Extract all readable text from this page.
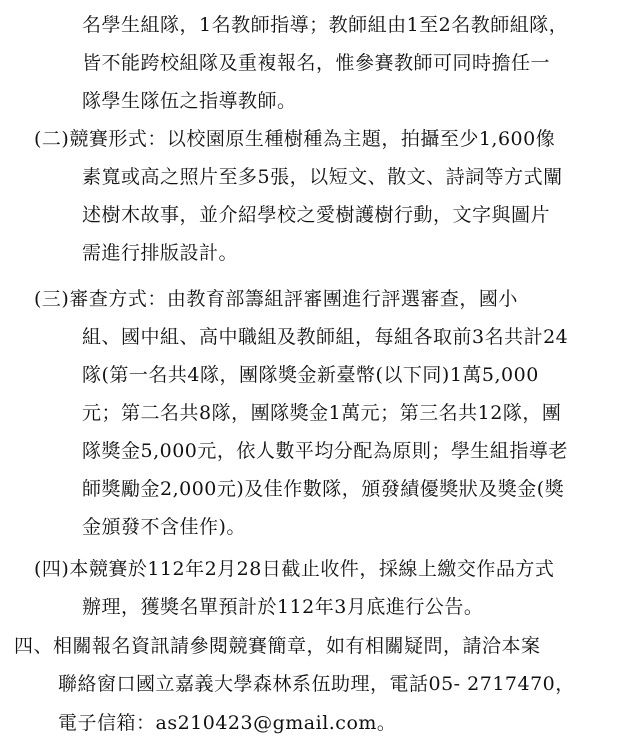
名學生組隊，1名教師指導；教師組由1至2名教師組隊，
皆不能跨校組隊及重複報名，惟參賽教師可同時擔任一
隊學生隊伍之指導教師。
(二)競賽形式：以校園原生種樹種為主題，拍攝至少1,600像
素寬或高之照片至多5張，以短文、散文、詩詞等方式闡
述樹木故事，並介紹學校之愛樹護樹行動，文字與圖片
需進行排版設計。
(三)審查方式：由教育部籌組評審團進行評選審查，國小
組、國中組、高中職組及教師組，每組各取前3名共計24
隊(第一名共4隊，團隊獎金新臺幣(以下同)1萬5,000
元；第二名共8隊，團隊獎金1萬元；第三名共12隊，團
隊獎金5,000元，依人數平均分配為原則；學生組指導老
師獎勵金2,000元)及佳作數隊，頒發績優獎狀及獎金(獎
金頒發不含佳作)。
(四)本競賽於112年2月28日截止收件，採線上繳交作品方式
辦理，獲獎名單預計於112年3月底進行公告。
四、相關報名資訊請參閱競賽簡章，如有相關疑問，請洽本案
聯絡窗口國立嘉義大學森林系伍助理，電話05- 2717470，
電子信箱：as210423@gmail.com。
